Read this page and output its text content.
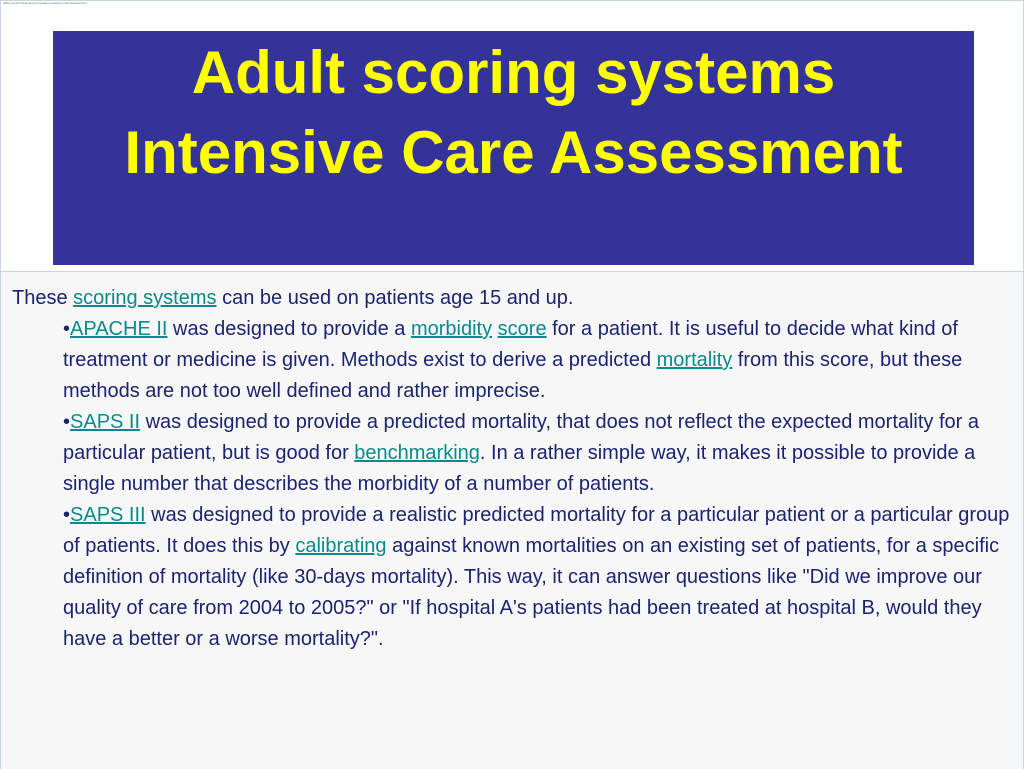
Slide text for Adult scoring systems Intensive Care Assessment
Adult scoring systems
Intensive Care Assessment
These scoring systems can be used on patients age 15 and up.

•APACHE II was designed to provide a morbidity score for a patient. It is useful to decide what kind of treatment or medicine is given. Methods exist to derive a predicted mortality from this score, but these methods are not too well defined and rather imprecise.

•SAPS II was designed to provide a predicted mortality, that does not reflect the expected mortality for a particular patient, but is good for benchmarking. In a rather simple way, it makes it possible to provide a single number that describes the morbidity of a number of patients.

•SAPS III was designed to provide a realistic predicted mortality for a particular patient or a particular group of patients. It does this by calibrating against known mortalities on an existing set of patients, for a specific definition of mortality (like 30-days mortality). This way, it can answer questions like "Did we improve our quality of care from 2004 to 2005?" or "If hospital A's patients had been treated at hospital B, would they have a better or a worse mortality?".
